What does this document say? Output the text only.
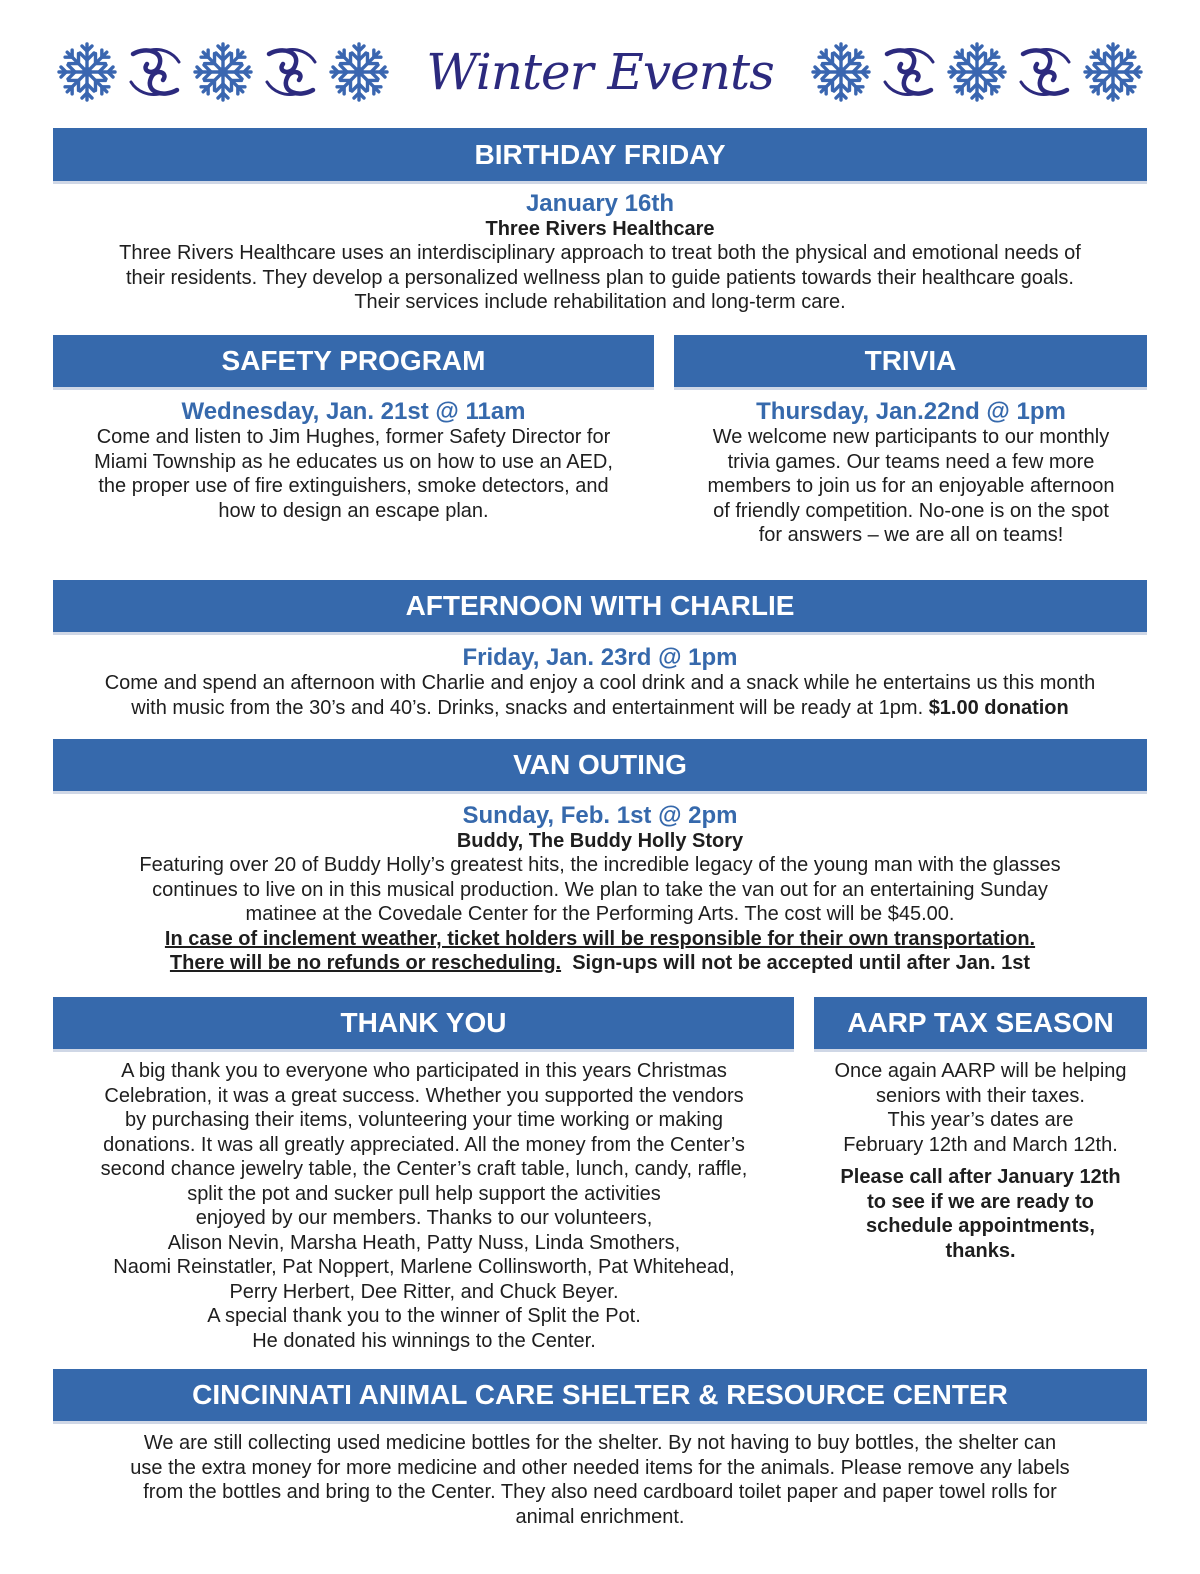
Winter Events
BIRTHDAY FRIDAY
January 16th
Three Rivers Healthcare
Three Rivers Healthcare uses an interdisciplinary approach to treat both the physical and emotional needs of
their residents. They develop a personalized wellness plan to guide patients towards their healthcare goals.
Their services include rehabilitation and long-term care.
SAFETY PROGRAM
Wednesday, Jan. 21st @ 11am
Come and listen to Jim Hughes, former Safety Director for
Miami Township as he educates us on how to use an AED,
the proper use of fire extinguishers, smoke detectors, and
how to design an escape plan.
TRIVIA
Thursday, Jan.22nd @ 1pm
We welcome new participants to our monthly
trivia games. Our teams need a few more
members to join us for an enjoyable afternoon
of friendly competition. No-one is on the spot
for answers – we are all on teams!
AFTERNOON WITH CHARLIE
Friday, Jan. 23rd @ 1pm
Come and spend an afternoon with Charlie and enjoy a cool drink and a snack while he entertains us this month
with music from the 30’s and 40’s. Drinks, snacks and entertainment will be ready at 1pm. $1.00 donation
VAN OUTING
Sunday, Feb. 1st @ 2pm
Buddy, The Buddy Holly Story
Featuring over 20 of Buddy Holly’s greatest hits, the incredible legacy of the young man with the glasses
continues to live on in this musical production. We plan to take the van out for an entertaining Sunday
matinee at the Covedale Center for the Performing Arts. The cost will be $45.00.
In case of inclement weather, ticket holders will be responsible for their own transportation.
There will be no refunds or rescheduling. Sign-ups will not be accepted until after Jan. 1st
THANK YOU
A big thank you to everyone who participated in this years Christmas
Celebration, it was a great success. Whether you supported the vendors
by purchasing their items, volunteering your time working or making
donations. It was all greatly appreciated. All the money from the Center’s
second chance jewelry table, the Center’s craft table, lunch, candy, raffle,
split the pot and sucker pull help support the activities
enjoyed by our members. Thanks to our volunteers,
Alison Nevin, Marsha Heath, Patty Nuss, Linda Smothers,
Naomi Reinstatler, Pat Noppert, Marlene Collinsworth, Pat Whitehead,
Perry Herbert, Dee Ritter, and Chuck Beyer.
A special thank you to the winner of Split the Pot.
He donated his winnings to the Center.
AARP TAX SEASON
Once again AARP will be helping
seniors with their taxes.
This year’s dates are
February 12th and March 12th.
Please call after January 12th
to see if we are ready to
schedule appointments,
thanks.
CINCINNATI ANIMAL CARE SHELTER & RESOURCE CENTER
We are still collecting used medicine bottles for the shelter. By not having to buy bottles, the shelter can
use the extra money for more medicine and other needed items for the animals. Please remove any labels
from the bottles and bring to the Center. They also need cardboard toilet paper and paper towel rolls for
animal enrichment.
